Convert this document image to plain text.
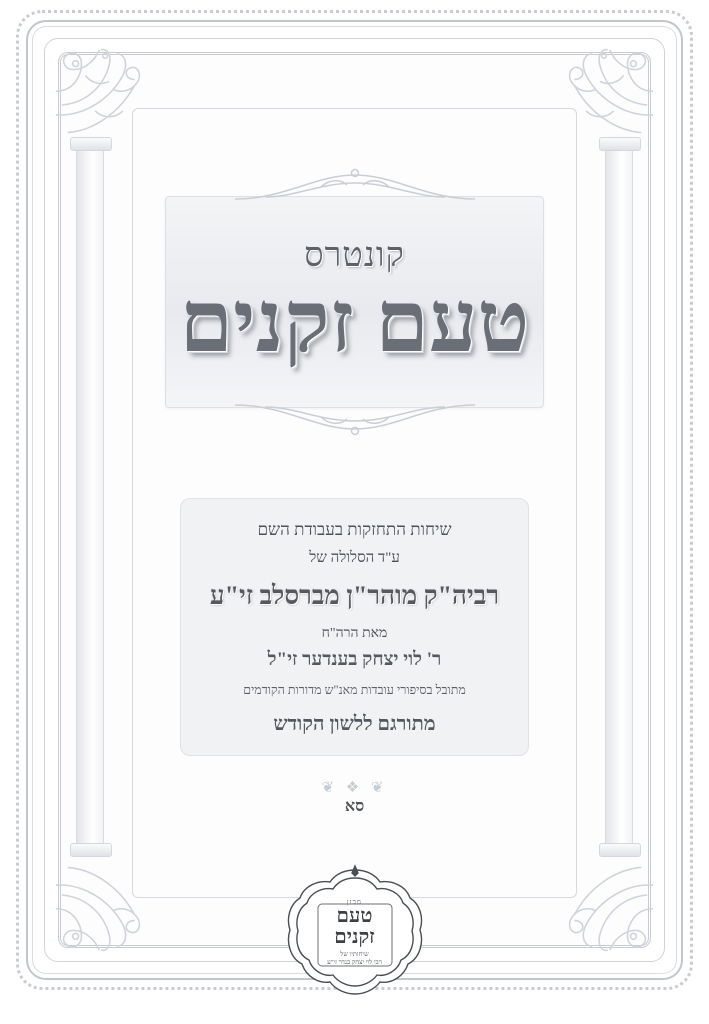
קונטרס
טעם זקנים
שיחות התחזקות בעבודת השם
ע"ד הסלולה של
רביה"ק מוהר"ן מברסלב זי"ע
מאת הרה"ח
ר' לוי יצחק בענדער זי"ל
מתובל בסיפורי עובדות מאנ"ש מדורות הקודמים
מתורגם ללשון הקודש
❦ ❖ ❦
סא
מכון
טעם
זקנים
שיחותיו של
רבי לוי יצחק בנדר זי"ע
